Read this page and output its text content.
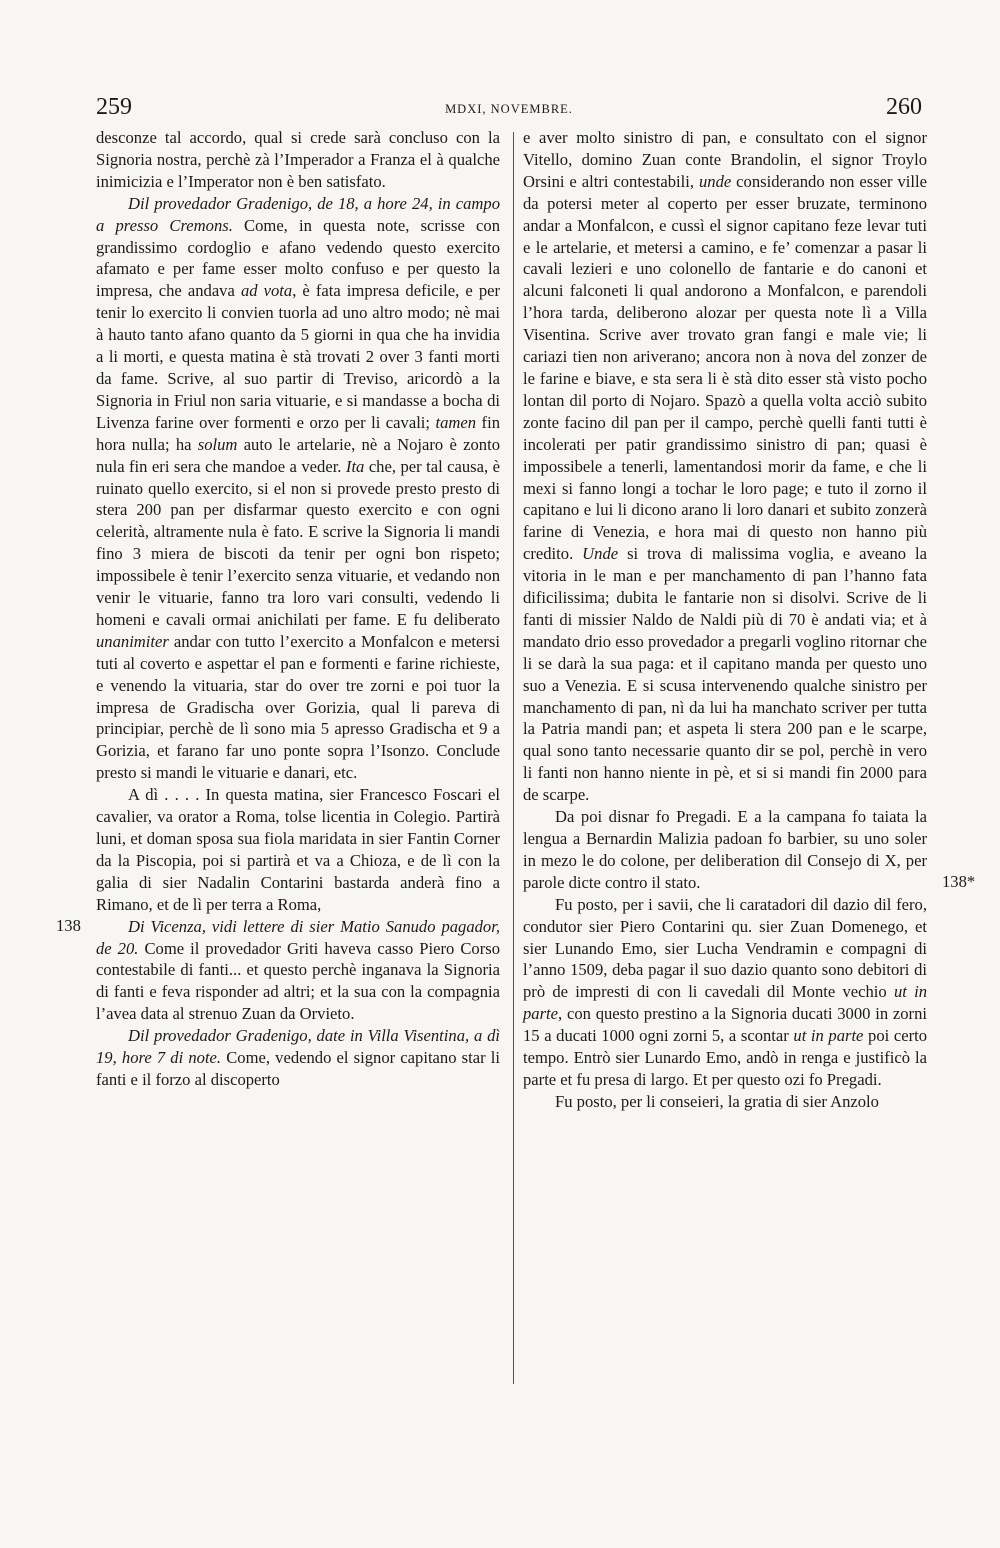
259	MDXI, NOVEMBRE.	260
138
138*

desconze tal accordo, qual si crede sarà concluso con la Signoria nostra, perchè zà l’Imperador a Franza el à qualche inimicizia e l’Imperator non è ben satisfato.

Dil provedador Gradenigo, de 18, a hore 24, in campo a presso Cremons. Come, in questa note, scrisse con grandissimo cordoglio e afano vedendo questo exercito afamato e per fame esser molto confuso e per questo la impresa, che andava ad vota, è fata impresa deficile, e per tenir lo exercito li convien tuorla ad uno altro modo; nè mai à hauto tanto afano quanto da 5 giorni in qua che ha invidia a li morti, e questa matina è stà trovati 2 over 3 fanti morti da fame. Scrive, al suo partir di Treviso, aricordò a la Signoria in Friul non saria vituarie, e si mandasse a bocha di Livenza farine over formenti e orzo per li cavali; tamen fin hora nulla; ha solum auto le artelarie, nè a Nojaro è zonto nula fin eri sera che mandoe a veder. Ita che, per tal causa, è ruinato quello exercito, si el non si provede presto presto di stera 200 pan per disfarmar questo exercito e con ogni celerità, altramente nula è fato. E scrive la Signoria li mandi fino 3 miera de biscoti da tenir per ogni bon rispeto; impossibele è tenir l’exercito senza vituarie, et vedando non venir le vituarie, fanno tra loro vari consulti, vedendo li homeni e cavali ormai anichilati per fame. E fu deliberato unanimiter andar con tutto l’exercito a Monfalcon e metersi tuti al coverto e aspettar el pan e formenti e farine richieste, e venendo la vituaria, star do over tre zorni e poi tuor la impresa de Gradischa over Gorizia, qual li pareva di principiar, perchè de lì sono mia 5 apresso Gradischa et 9 a Gorizia, et farano far uno ponte sopra l’Isonzo. Conclude presto si mandi le vituarie e danari, etc.

A dì . . . . In questa matina, sier Francesco Foscari el cavalier, va orator a Roma, tolse licentia in Colegio. Partirà luni, et doman sposa sua fiola maridata in sier Fantin Corner da la Piscopia, poi si partirà et va a Chioza, e de lì con la galia di sier Nadalin Contarini bastarda anderà fino a Rimano, et de lì per terra a Roma,

Di Vicenza, vidi lettere di sier Matio Sanudo pagador, de 20. Come il provedador Griti haveva casso Piero Corso contestabile di fanti... et questo perchè inganava la Signoria di fanti e feva risponder ad altri; et la sua con la compagnia l’avea data al strenuo Zuan da Orvieto.

Dil provedador Gradenigo, date in Villa Visentina, a dì 19, hore 7 di note. Come, vedendo el signor capitano star li fanti e il forzo al discoperto

e aver molto sinistro di pan, e consultato con el signor Vitello, domino Zuan conte Brandolin, el signor Troylo Orsini e altri contestabili, unde considerando non esser ville da potersi meter al coperto per esser bruzate, terminono andar a Monfalcon, e cussì el signor capitano feze levar tuti e le artelarie, et metersi a camino, e fe’ comenzar a pasar li cavali lezieri e uno colonello de fantarie e do canoni et alcuni falconeti li qual andorono a Monfalcon, e parendoli l’hora tarda, deliberono alozar per questa note lì a Villa Visentina. Scrive aver trovato gran fangi e male vie; li cariazi tien non ariverano; ancora non à nova del zonzer de le farine e biave, e sta sera li è stà dito esser stà visto pocho lontan dil porto di Nojaro. Spazò a quella volta acciò subito zonte facino dil pan per il campo, perchè quelli fanti tutti è incolerati per patir grandissimo sinistro di pan; quasi è impossibele a tenerli, lamentandosi morir da fame, e che li mexi si fanno longi a tochar le loro page; e tuto il zorno il capitano e lui li dicono arano li loro danari et subito zonzerà farine di Venezia, e hora mai di questo non hanno più credito. Unde si trova di malissima voglia, e aveano la vitoria in le man e per manchamento di pan l’hanno fata dificilissima; dubita le fantarie non si disolvi. Scrive de li fanti di missier Naldo de Naldi più di 70 è andati via; et à mandato drio esso provedador a pregarli voglino ritornar che li se darà la sua paga: et il capitano manda per questo uno suo a Venezia. E si scusa intervenendo qualche sinistro per manchamento di pan, nì da lui ha manchato scriver per tutta la Patria mandi pan; et aspeta li stera 200 pan e le scarpe, qual sono tanto necessarie quanto dir se pol, perchè in vero li fanti non hanno niente in pè, et si si mandi fin 2000 para de scarpe.

Da poi disnar fo Pregadi. E a la campana fo taiata la lengua a Bernardin Malizia padoan fo barbier, su uno soler in mezo le do colone, per deliberation dil Consejo di X, per parole dicte contro il stato.

Fu posto, per i savii, che li caratadori dil dazio dil fero, condutor sier Piero Contarini qu. sier Zuan Domenego, et sier Lunando Emo, sier Lucha Vendramin e compagni di l’anno 1509, deba pagar il suo dazio quanto sono debitori di prò de impresti di con li cavedali dil Monte vechio ut in parte, con questo prestino a la Signoria ducati 3000 in zorni 15 a ducati 1000 ogni zorni 5, a scontar ut in parte poi certo tempo. Entrò sier Lunardo Emo, andò in renga e justificò la parte et fu presa di largo. Et per questo ozi fo Pregadi.

Fu posto, per li conseieri, la gratia di sier Anzolo
